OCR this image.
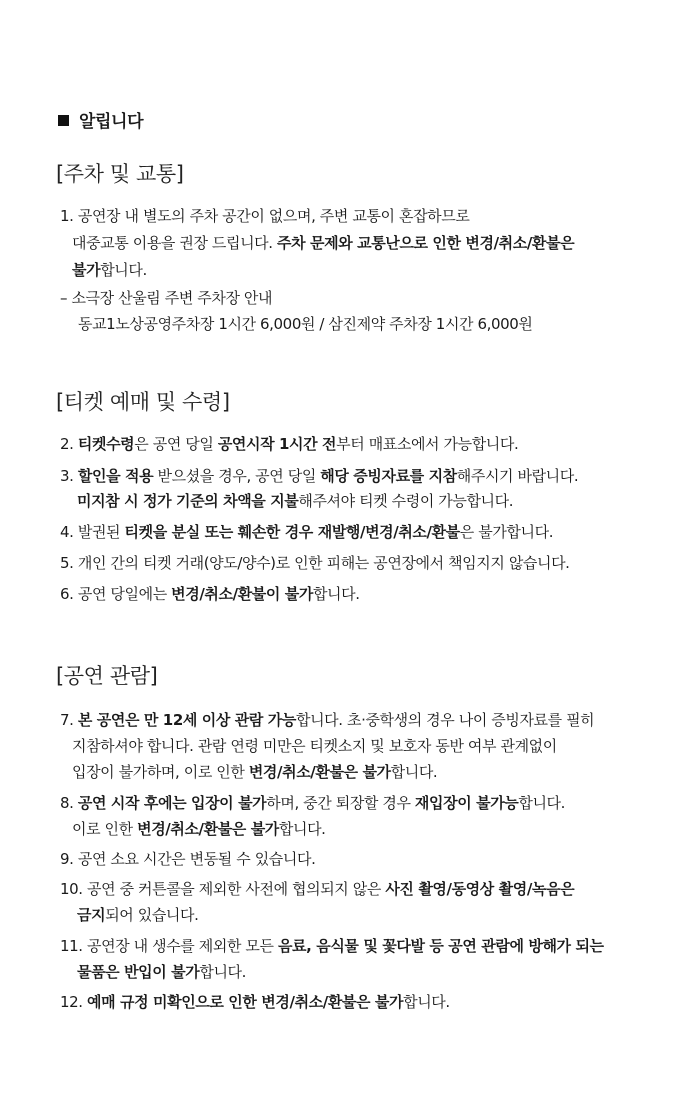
알립니다
[주차 및 교통]
1. 공연장 내 별도의 주차 공간이 없으며, 주변 교통이 혼잡하므로
대중교통 이용을 권장 드립니다. 주차 문제와 교통난으로 인한 변경/취소/환불은
불가합니다.
– 소극장 산울림 주변 주차장 안내
동교1노상공영주차장 1시간 6,000원 / 삼진제약 주차장 1시간 6,000원
[티켓 예매 및 수령]
2. 티켓수령은 공연 당일 공연시작 1시간 전부터 매표소에서 가능합니다.
3. 할인을 적용 받으셨을 경우, 공연 당일 해당 증빙자료를 지참해주시기 바랍니다.
미지참 시 정가 기준의 차액을 지불해주셔야 티켓 수령이 가능합니다.
4. 발권된 티켓을 분실 또는 훼손한 경우 재발행/변경/취소/환불은 불가합니다.
5. 개인 간의 티켓 거래(양도/양수)로 인한 피해는 공연장에서 책임지지 않습니다.
6. 공연 당일에는 변경/취소/환불이 불가합니다.
[공연 관람]
7. 본 공연은 만 12세 이상 관람 가능합니다. 초·중학생의 경우 나이 증빙자료를 필히
지참하셔야 합니다. 관람 연령 미만은 티켓소지 및 보호자 동반 여부 관계없이
입장이 불가하며, 이로 인한 변경/취소/환불은 불가합니다.
8. 공연 시작 후에는 입장이 불가하며, 중간 퇴장할 경우 재입장이 불가능합니다.
이로 인한 변경/취소/환불은 불가합니다.
9. 공연 소요 시간은 변동될 수 있습니다.
10. 공연 중 커튼콜을 제외한 사전에 협의되지 않은 사진 촬영/동영상 촬영/녹음은
금지되어 있습니다.
11. 공연장 내 생수를 제외한 모든 음료, 음식물 및 꽃다발 등 공연 관람에 방해가 되는
물품은 반입이 불가합니다.
12. 예매 규정 미확인으로 인한 변경/취소/환불은 불가합니다.
